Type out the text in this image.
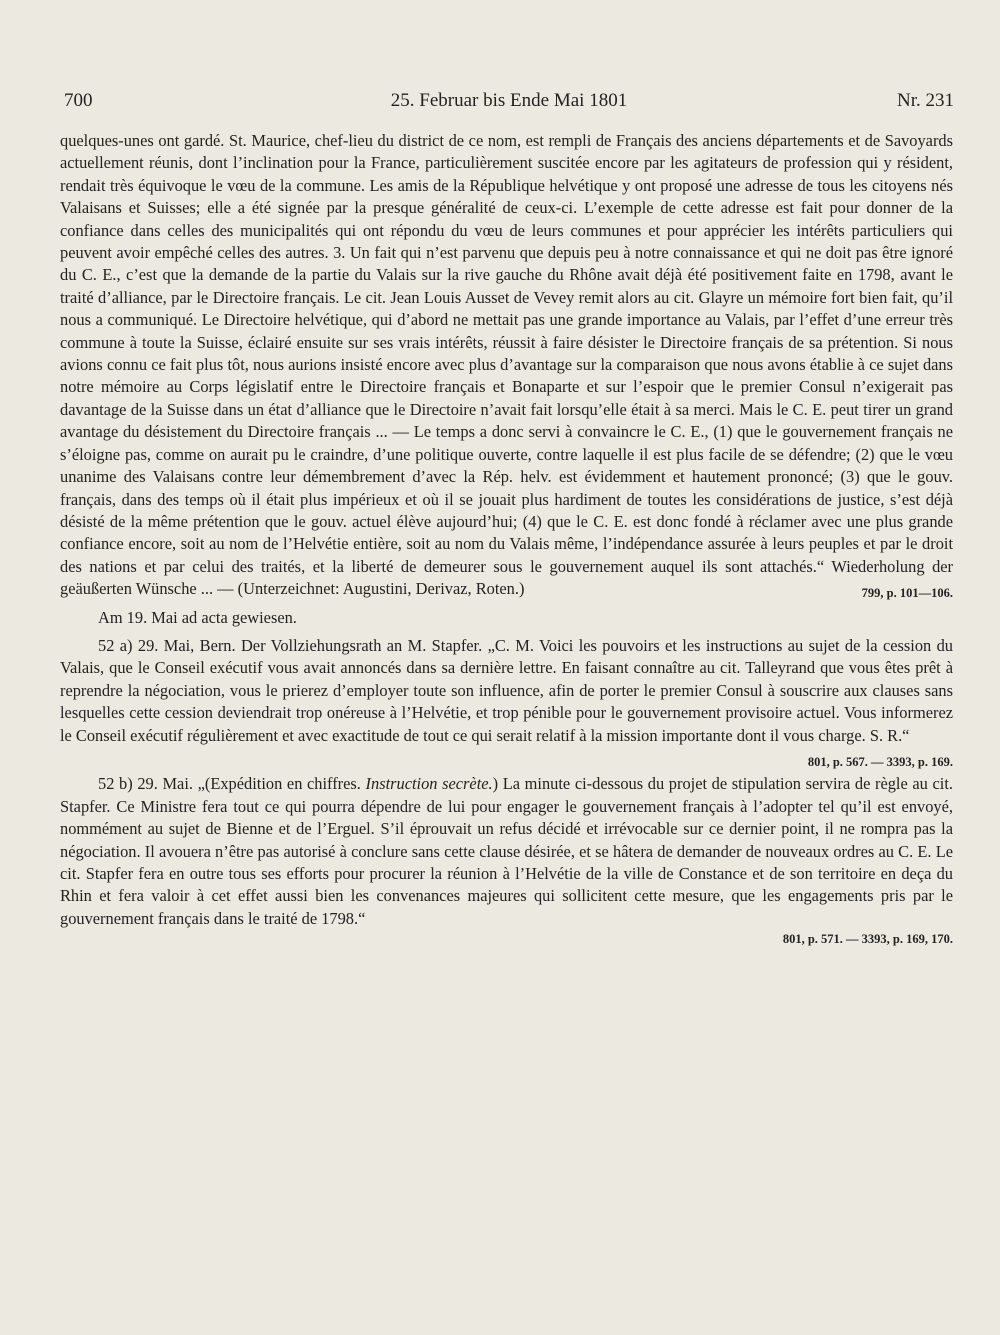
700	25. Februar bis Ende Mai 1801	Nr. 231

quelques-unes ont gardé. St. Maurice, chef-lieu du district de ce nom, est rempli de Français des anciens départements et de Savoyards actuellement réunis, dont l’inclination pour la France, particulièrement suscitée encore par les agitateurs de profession qui y résident, rendait très équivoque le vœu de la commune. Les amis de la République helvétique y ont proposé une adresse de tous les citoyens nés Valaisans et Suisses; elle a été signée par la presque généralité de ceux-ci. L’exemple de cette adresse est fait pour donner de la confiance dans celles des municipalités qui ont répondu du vœu de leurs communes et pour apprécier les intérêts particuliers qui peuvent avoir empêché celles des autres. 3. Un fait qui n’est parvenu que depuis peu à notre connaissance et qui ne doit pas être ignoré du C. E., c’est que la demande de la partie du Valais sur la rive gauche du Rhône avait déjà été positivement faite en 1798, avant le traité d’alliance, par le Directoire français. Le cit. Jean Louis Ausset de Vevey remit alors au cit. Glayre un mémoire fort bien fait, qu’il nous a communiqué. Le Directoire helvétique, qui d’abord ne mettait pas une grande importance au Valais, par l’effet d’une erreur très commune à toute la Suisse, éclairé ensuite sur ses vrais intérêts, réussit à faire désister le Directoire français de sa prétention. Si nous avions connu ce fait plus tôt, nous aurions insisté encore avec plus d’avantage sur la comparaison que nous avons établie à ce sujet dans notre mémoire au Corps législatif entre le Directoire français et Bonaparte et sur l’espoir que le premier Consul n’exigerait pas davantage de la Suisse dans un état d’alliance que le Directoire n’avait fait lorsqu’elle était à sa merci. Mais le C. E. peut tirer un grand avantage du désistement du Directoire français ... — Le temps a donc servi à convaincre le C. E., (1) que le gouvernement français ne s’éloigne pas, comme on aurait pu le craindre, d’une politique ouverte, contre laquelle il est plus facile de se défendre; (2) que le vœu unanime des Valaisans contre leur démembrement d’avec la Rép. helv. est évidemment et hautement prononcé; (3) que le gouv. français, dans des temps où il était plus impérieux et où il se jouait plus hardiment de toutes les considérations de justice, s’est déjà désisté de la même prétention que le gouv. actuel élève aujourd’hui; (4) que le C. E. est donc fondé à réclamer avec une plus grande confiance encore, soit au nom de l’Helvétie entière, soit au nom du Valais même, l’indépendance assurée à leurs peuples et par le droit des nations et par celui des traités, et la liberté de demeurer sous le gouvernement auquel ils sont attachés.“ Wiederholung der geäußerten Wünsche ... — (Unterzeichnet: Augustini, Derivaz, Roten.)	799, p. 101—106.

Am 19. Mai ad acta gewiesen.

52 a) 29. Mai, Bern. Der Vollziehungsrath an M. Stapfer. „C. M. Voici les pouvoirs et les instructions au sujet de la cession du Valais, que le Conseil exécutif vous avait annoncés dans sa dernière lettre. En faisant connaître au cit. Talleyrand que vous êtes prêt à reprendre la négociation, vous le prierez d’employer toute son influence, afin de porter le premier Consul à souscrire aux clauses sans lesquelles cette cession deviendrait trop onéreuse à l’Helvétie, et trop pénible pour le gouvernement provisoire actuel. Vous informerez le Conseil exécutif régulièrement et avec exactitude de tout ce qui serait relatif à la mission importante dont il vous charge. S. R.“
801, p. 567. — 3393, p. 169.

52 b) 29. Mai. „(Expédition en chiffres. Instruction secrète.) La minute ci-dessous du projet de stipulation servira de règle au cit. Stapfer. Ce Ministre fera tout ce qui pourra dépendre de lui pour engager le gouvernement français à l’adopter tel qu’il est envoyé, nommément au sujet de Bienne et de l’Erguel. S’il éprouvait un refus décidé et irrévocable sur ce dernier point, il ne rompra pas la négociation. Il avouera n’être pas autorisé à conclure sans cette clause désirée, et se hâtera de demander de nouveaux ordres au C. E. Le cit. Stapfer fera en outre tous ses efforts pour procurer la réunion à l’Helvétie de la ville de Constance et de son territoire en deça du Rhin et fera valoir à cet effet aussi bien les convenances majeures qui sollicitent cette mesure, que les engagements pris par le gouvernement français dans le traité de 1798.“

801, p. 571. — 3393, p. 169, 170.
